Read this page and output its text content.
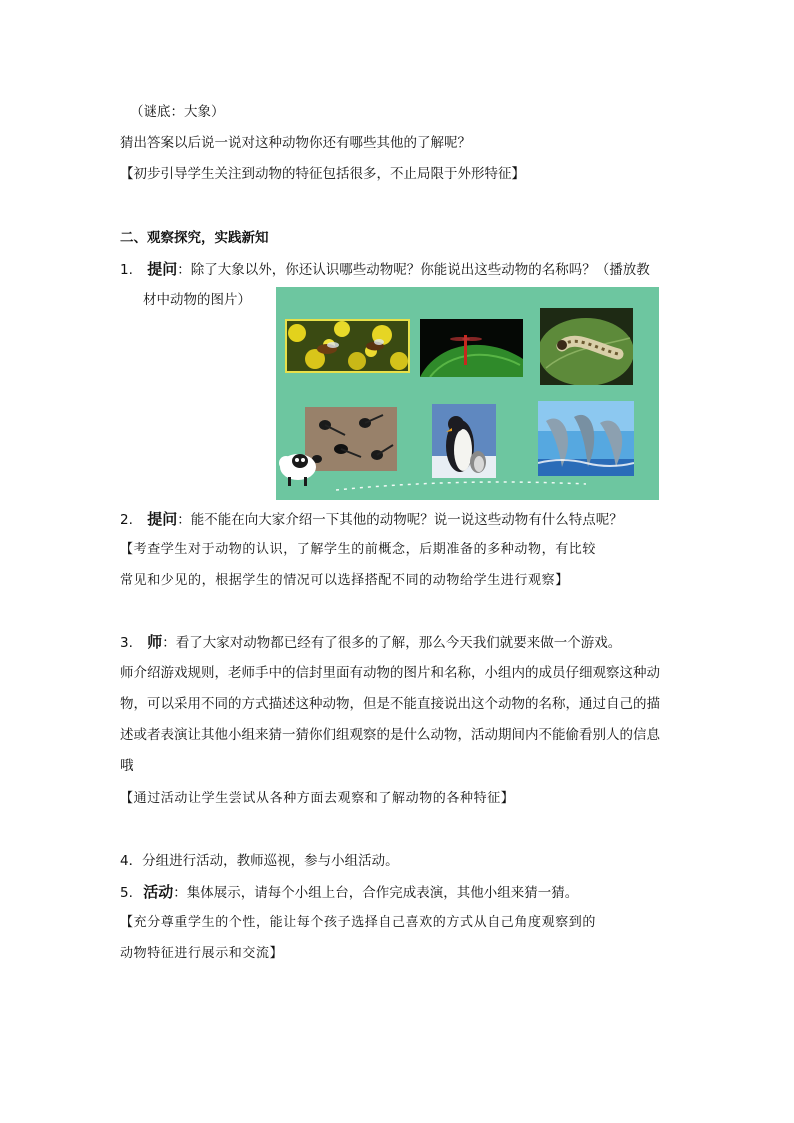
（谜底：大象）
猜出答案以后说一说对这种动物你还有哪些其他的了解呢？
【初步引导学生关注到动物的特征包括很多，不止局限于外形特征】
二、观察探究，实践新知
1. 提问：除了大象以外，你还认识哪些动物呢？你能说出这些动物的名称吗？（播放教
材中动物的图片）
2. 提问：能不能在向大家介绍一下其他的动物呢？说一说这些动物有什么特点呢？
【考查学生对于动物的认识，了解学生的前概念，后期准备的多种动物，有比较
常见和少见的，根据学生的情况可以选择搭配不同的动物给学生进行观察】
3. 师：看了大家对动物都已经有了很多的了解，那么今天我们就要来做一个游戏。
师介绍游戏规则，老师手中的信封里面有动物的图片和名称，小组内的成员仔细观察这种动
物，可以采用不同的方式描述这种动物，但是不能直接说出这个动物的名称，通过自己的描
述或者表演让其他小组来猜一猜你们组观察的是什么动物，活动期间内不能偷看别人的信息
哦
【通过活动让学生尝试从各种方面去观察和了解动物的各种特征】
4．分组进行活动，教师巡视，参与小组活动。
5. 活动：集体展示，请每个小组上台，合作完成表演，其他小组来猜一猜。
【充分尊重学生的个性，能让每个孩子选择自己喜欢的方式从自己角度观察到的
动物特征进行展示和交流】
